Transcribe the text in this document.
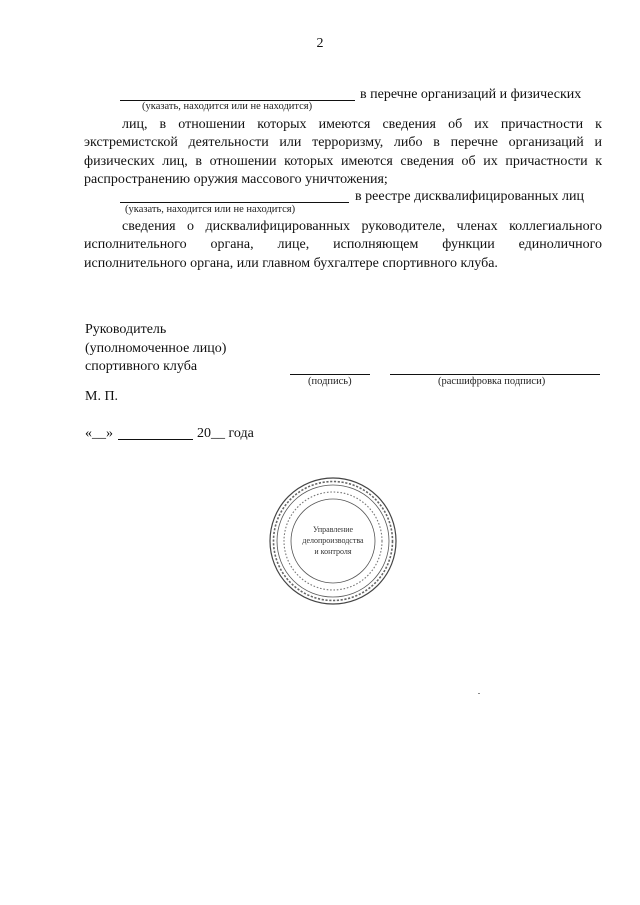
2
в перечне организаций и физических
(указать, находится или не находится)
лиц, в отношении которых имеются сведения об их причастности к экстремистской деятельности или терроризму, либо в перечне организаций и физических лиц, в отношении которых имеются сведения об их причастности к распространению оружия массового уничтожения;
в реестре дисквалифицированных лиц
(указать, находится или не находится)
сведения о дисквалифицированных руководителе, членах коллегиального исполнительного органа, лице, исполняющем функции единоличного исполнительного органа, или главном бухгалтере спортивного клуба.
Руководитель
(уполномоченное лицо)
спортивного клуба
(подпись)	(расшифровка подписи)
М. П.
«__»	20__ года
Управление
делопроизводства
и контроля
